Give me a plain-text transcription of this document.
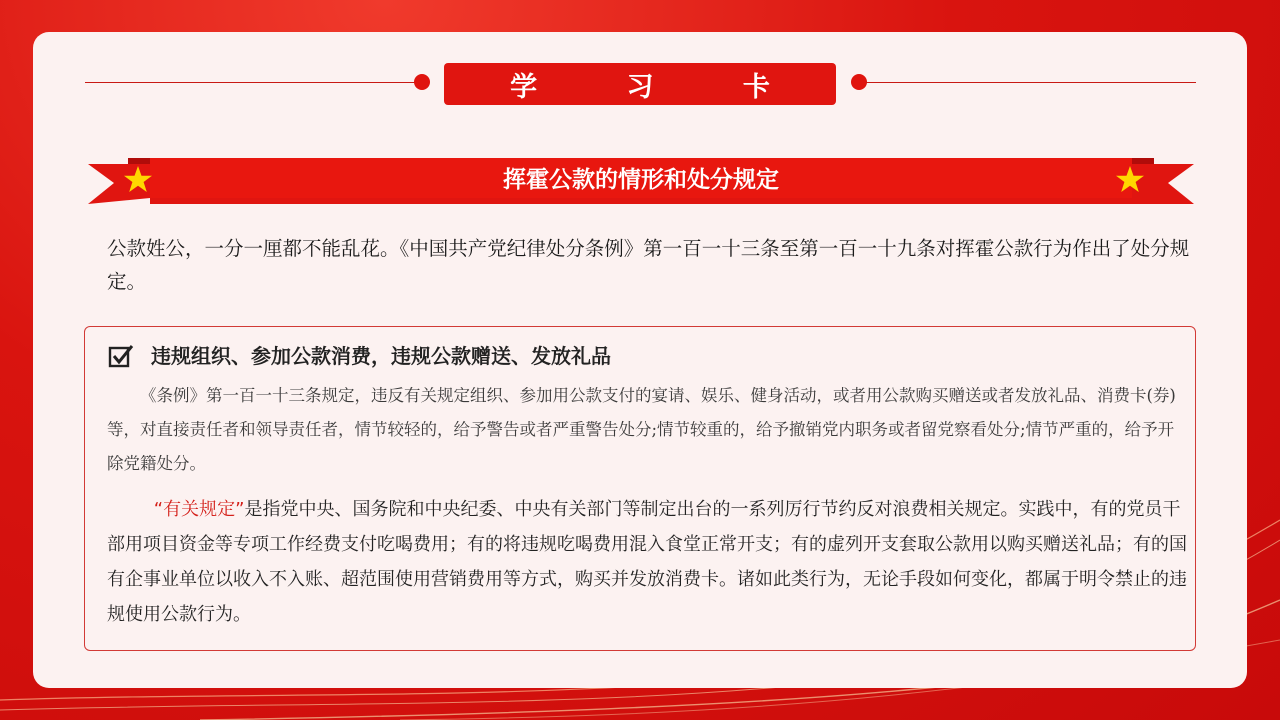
学 习 卡
挥霍公款的情形和处分规定
公款姓公，一分一厘都不能乱花。《中国共产党纪律处分条例》第一百一十三条至第一百一十九条对挥霍公款行为作出了处分规定。
违规组织、参加公款消费，违规公款赠送、发放礼品
《条例》第一百一十三条规定，违反有关规定组织、参加用公款支付的宴请、娱乐、健身活动，或者用公款购买赠送或者发放礼品、消费卡(券)等，对直接责任者和领导责任者，情节较轻的，给予警告或者严重警告处分;情节较重的，给予撤销党内职务或者留党察看处分;情节严重的，给予开除党籍处分。
“有关规定”是指党中央、国务院和中央纪委、中央有关部门等制定出台的一系列厉行节约反对浪费相关规定。实践中，有的党员干部用项目资金等专项工作经费支付吃喝费用；有的将违规吃喝费用混入食堂正常开支；有的虚列开支套取公款用以购买赠送礼品；有的国有企事业单位以收入不入账、超范围使用营销费用等方式，购买并发放消费卡。诸如此类行为，无论手段如何变化，都属于明令禁止的违规使用公款行为。
